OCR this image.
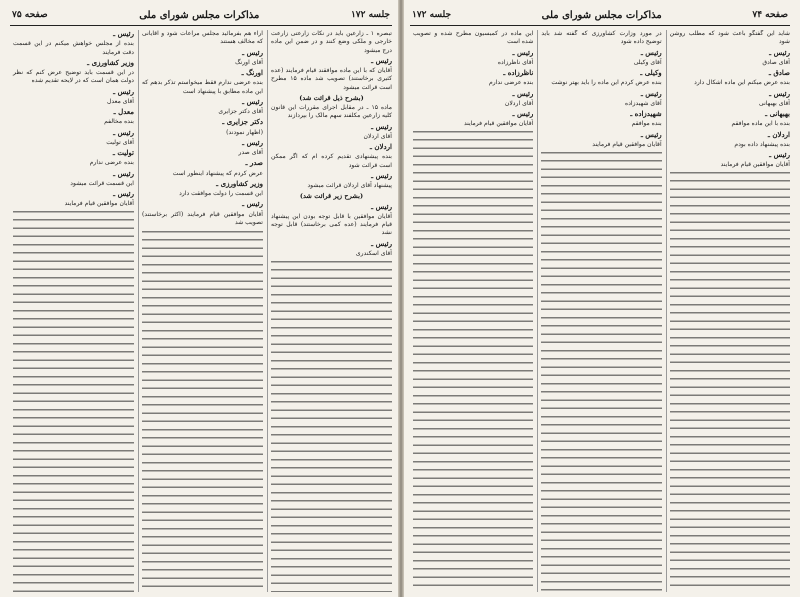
جلسه ۱۷۲
مذاکرات مجلس شورای ملی
صفحه ۷۵

تبصره ۱ ـ زارعین باید در نکات زارعتی زارعت خارجی و ملکی وضع کنند و در ضمن این ماده درج میشود

رئیس ـ

آقایان که با این ماده موافقند قیام فرمایند (عده کثیری برخاستند) تصویب شد ماده ۱۵ مطرح است قرائت میشود

(بشرح ذیل قرائت شد)

ماده ۱۵ ـ در مقابل اجرای مقررات این قانون کلیه زارعین مکلفند سهم مالک را بپردازند

رئیس ـ

آقای اردلان

اردلان ـ

بنده پیشنهادی تقدیم کرده ام که اگر ممکن است قرائت شود

رئیس ـ

پیشنهاد آقای اردلان قرائت میشود

(بشرح زیر قرائت شد)

رئیس ـ

آقایان موافقین با قابل توجه بودن این پیشنهاد قیام فرمایند (عده کمی برخاستند) قابل توجه نشد

رئیس ـ

آقای اسکندری

آراء هم بفرمائید مجلس مراعات شود و آقایانی که مخالف هستند

رئیس ـ

آقای اورنگ

اورنگ ـ

بنده عرضی ندارم فقط میخواستم تذکر بدهم که این ماده مطابق با پیشنهاد است

رئیس ـ

آقای دکتر جزایری

دکتر جزایری ـ

(اظهار نمودند)

رئیس ـ

آقای صدر

صدر ـ

عرض کردم که پیشنهاد اینطور است

وزیر کشاورزی ـ

این قسمت را دولت موافقت دارد

رئیس ـ

آقایان موافقین قیام فرمایند (اکثر برخاستند) تصویب شد

رئیس ـ

بنده از مجلس خواهش میکنم در این قسمت دقت فرمایند

وزیر کشاورزی ـ

در این قسمت باید توضیح عرض کنم که نظر دولت همان است که در لایحه تقدیم شده

رئیس ـ

آقای معدل

معدل ـ

بنده مخالفم

رئیس ـ

آقای تولیت

تولیت ـ

بنده عرضی ندارم

رئیس ـ

این قسمت قرائت میشود

رئیس ـ

آقایان موافقین قیام فرمایند

صفحه ۷۴
مذاکرات مجلس شورای ملی
جلسه ۱۷۲

شاید این گفتگو باعث شود که مطلب روشن شود

رئیس ـ

آقای صادق

صادق ـ

بنده عرض میکنم این ماده اشکال دارد

رئیس ـ

آقای بهبهانی

بهبهانی ـ

بنده با این ماده موافقم

اردلان ـ

بنده پیشنهاد داده بودم

رئیس ـ

آقایان موافقین قیام فرمایند

در مورد وزارت کشاورزی که گفته شد باید توضیح داده شود

رئیس ـ

آقای وکیلی

وکیلی ـ

بنده عرض کردم این ماده را باید بهتر نوشت

رئیس ـ

آقای شهیدزاده

شهیدزاده ـ

بنده موافقم

رئیس ـ

آقایان موافقین قیام فرمایند

این ماده در کمیسیون مطرح شده و تصویب شده است

رئیس ـ

آقای ناظرزاده

ناظرزاده ـ

بنده عرضی ندارم

رئیس ـ

آقای اردلان

رئیس ـ

آقایان موافقین قیام فرمایند
